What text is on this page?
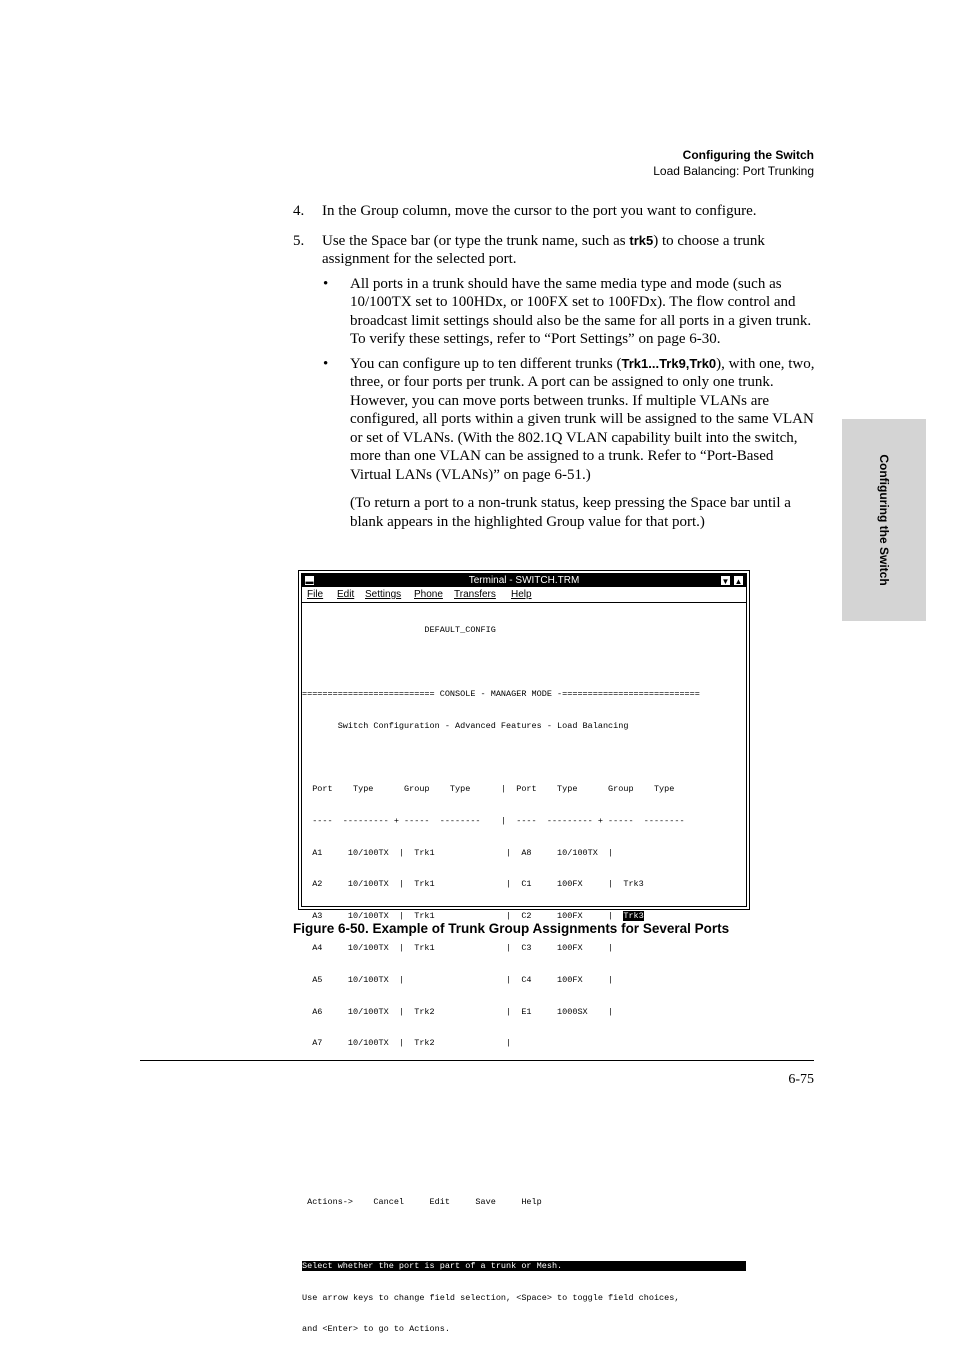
Configuring the Switch
Load Balancing: Port Trunking
Configuring the Switch
4. In the Group column, move the cursor to the port you want to configure.
5. Use the Space bar (or type the trunk name, such as trk5) to choose a trunk assignment for the selected port.
• All ports in a trunk should have the same media type and mode (such as 10/100TX set to 100HDx, or 100FX set to 100FDx). The flow control and broadcast limit settings should also be the same for all ports in a given trunk. To verify these settings, refer to “Port Settings” on page 6-30.
• You can configure up to ten different trunks (Trk1...Trk9,Trk0), with one, two, three, or four ports per trunk. A port can be assigned to only one trunk. However, you can move ports between trunks. If multiple VLANs are configured, all ports within a given trunk will be assigned to the same VLAN or set of VLANs. (With the 802.1Q VLAN capability built into the switch, more than one VLAN can be assigned to a trunk. Refer to “Port-Based Virtual LANs (VLANs)” on page 6-51.)
(To return a port to a non-trunk status, keep pressing the Space bar until a blank appears in the highlighted Group value for that port.)
▬	Terminal - SWITCH.TRM	▼ ▲
File Edit Settings Phone Transfers Help

DEFAULT_CONFIG

========================== CONSOLE - MANAGER MODE -===========================

Switch Configuration - Advanced Features - Load Balancing

Port    Type      Group    Type      |  Port    Type      Group    Type

----  --------- + -----  --------    |  ----  --------- + -----  --------

A1     10/100TX  |  Trk1              |  A8     10/100TX  |

A2     10/100TX  |  Trk1              |  C1     100FX     |  Trk3

A3     10/100TX  |  Trk1              |  C2     100FX     |  Trk3

A4     10/100TX  |  Trk1              |  C3     100FX     |

A5     10/100TX  |                    |  C4     100FX     |

A6     10/100TX  |  Trk2              |  E1     1000SX    |

A7     10/100TX  |  Trk2              |

Actions->    Cancel     Edit     Save     Help

Select whether the port is part of a trunk or Mesh.

Use arrow keys to change field selection, <Space> to toggle field choices,

and <Enter> to go to Actions.

Figure 6-50. Example of Trunk Group Assignments for Several Ports
6-75
